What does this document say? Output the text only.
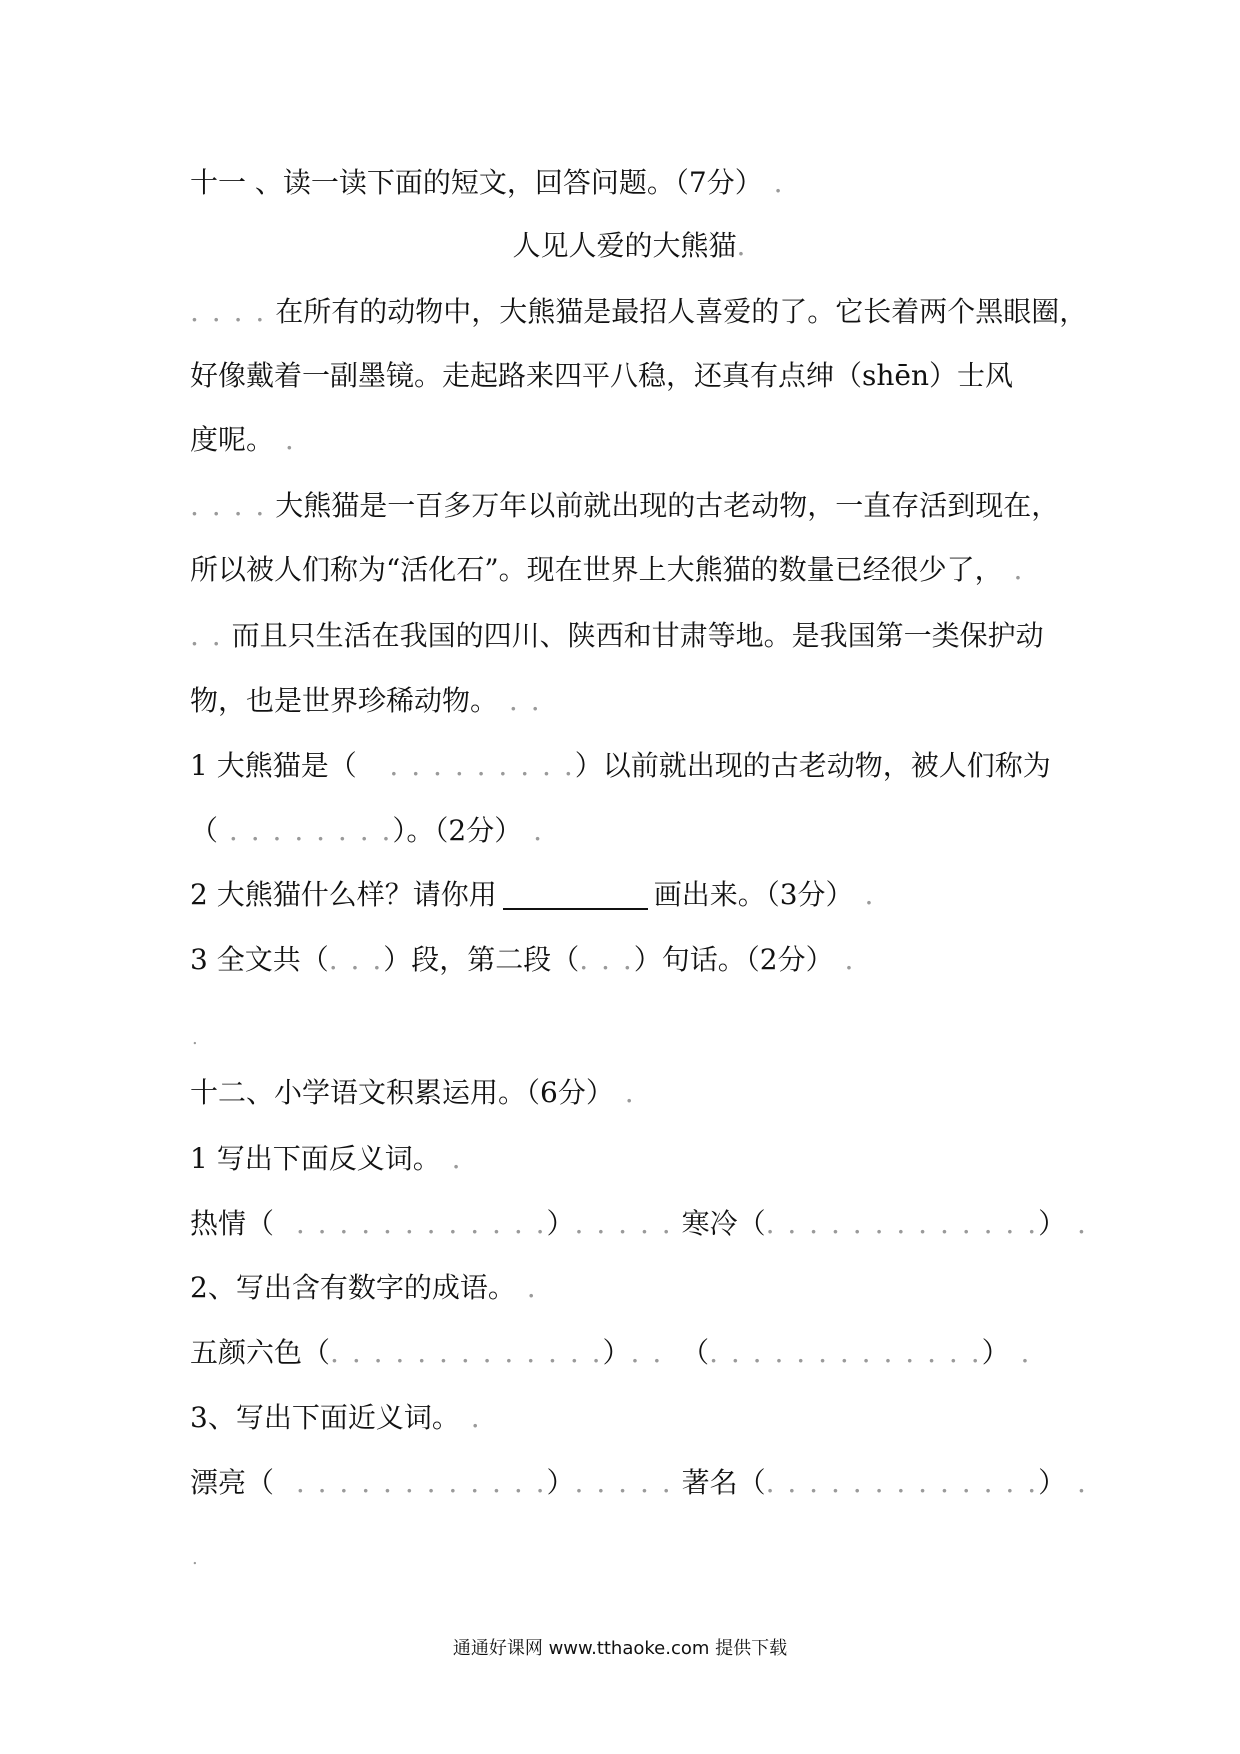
十一 、读一读下面的短文，回答问题。（7分） .
人见人爱的大熊猫.
. . . . 在所有的动物中，大熊猫是最招人喜爱的了。它长着两个黑眼圈，
好像戴着一副墨镜。走起路来四平八稳，还真有点绅（shēn）士风
度呢。 .
. . . . 大熊猫是一百多万年以前就出现的古老动物，一直存活到现在，
所以被人们称为“活化石”。现在世界上大熊猫的数量已经很少了， .
. . 而且只生活在我国的四川、陕西和甘肃等地。是我国第一类保护动
物，也是世界珍稀动物。 . .
1 大熊猫是（   . . . . . . . . .）以前就出现的古老动物，被人们称为
（ . . . . . . . .）。（2分） .
2 大熊猫什么样？请你用	画出来。（3分） .
3 全文共（. . .）段，第二段（. . .）句话。（2分） .
.
十二、小学语文积累运用。（6分） .
1 写出下面反义词。 .
热情（  . . . . . . . . . . . .）. . . . . 寒冷（. . . . . . . . . . . . .） .
2、写出含有数字的成语。 .
五颜六色（. . . . . . . . . . . . .）. . （. . . . . . . . . . . . .） .
3、写出下面近义词。 .
漂亮（  . . . . . . . . . . . .）. . . . . 著名（. . . . . . . . . . . . .） .
.
通通好课网 www.tthaoke.com 提供下载
